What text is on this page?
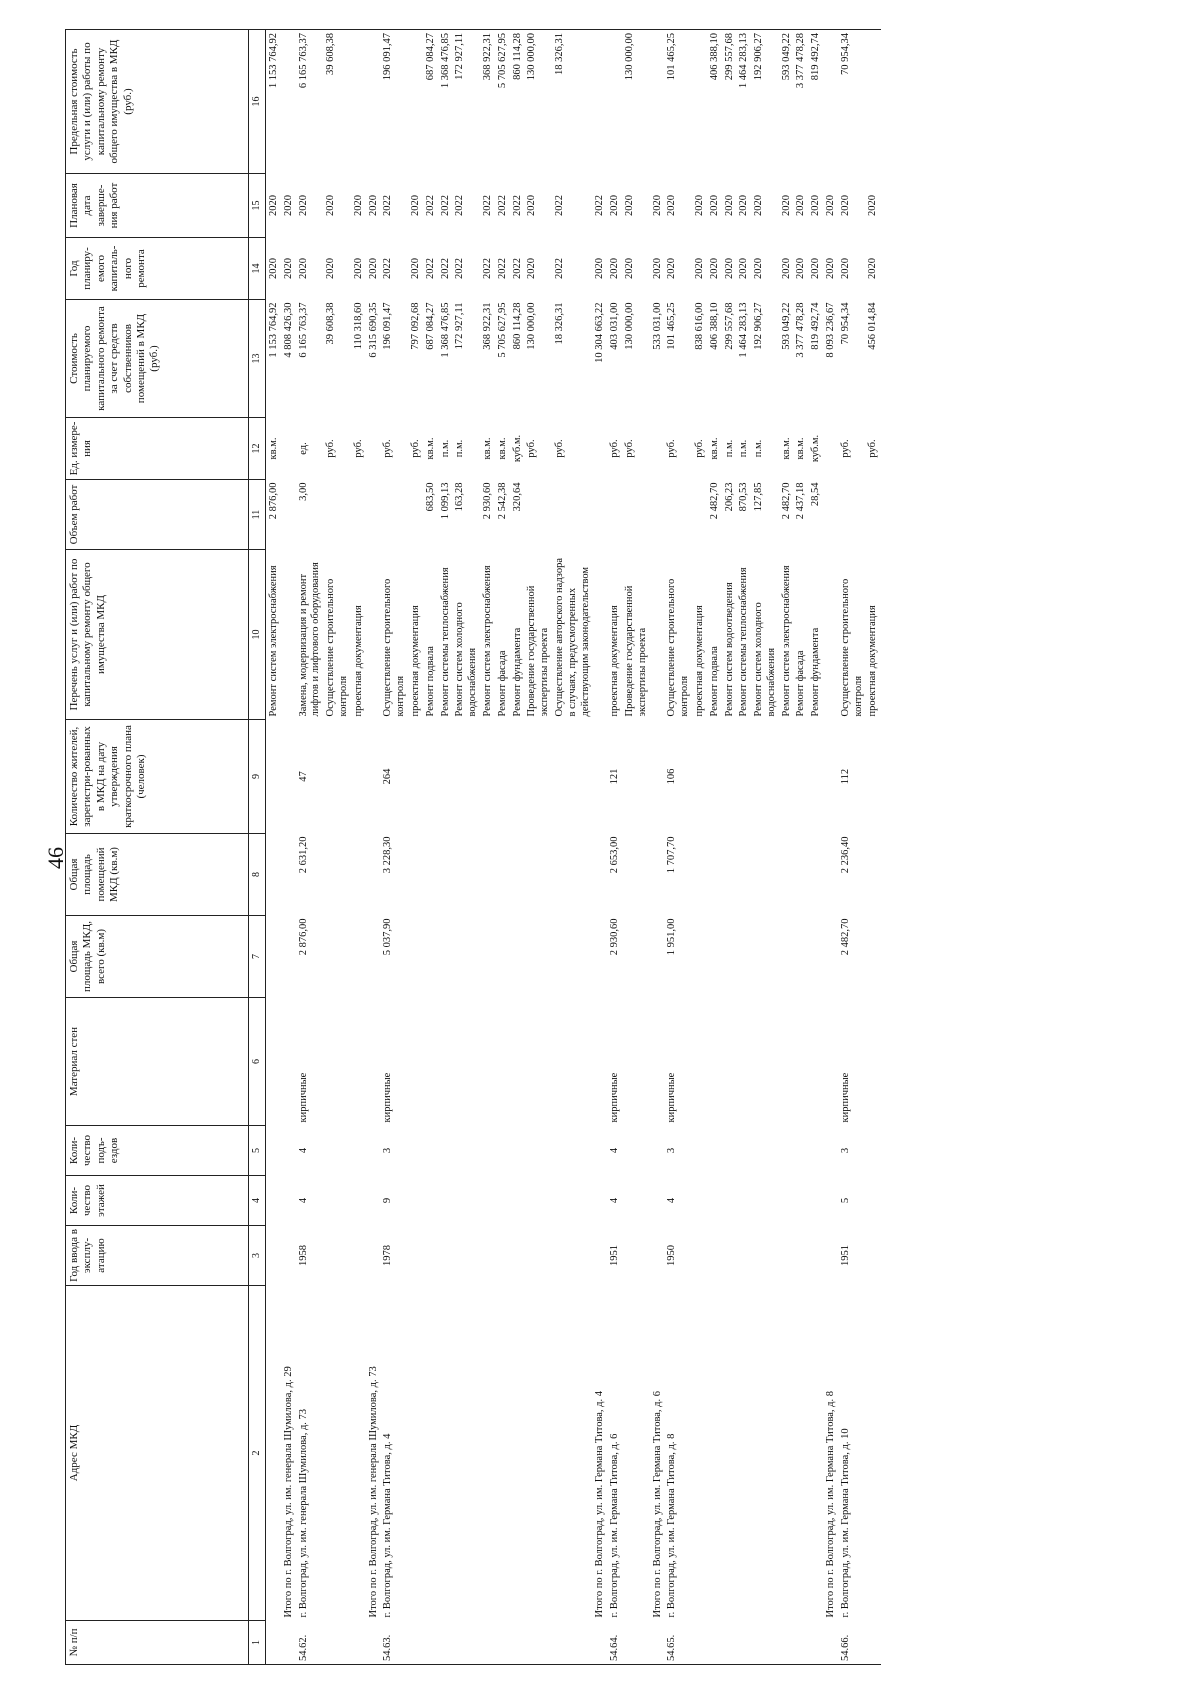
46
№ п/п	Адрес МКД	Год ввода в эксплу-атацию	Коли-чество этажей	Коли-чество подъ-ездов	Материал стен	Общая площадь МКД, всего (кв.м)	Общая площадь помещений МКД (кв.м)	Количество жителей, зарегистри-рованных в МКД на дату утверждения краткосрочного плана (человек)	Перечень услуг и (или) работ по капитальному ремонту общего имущества МКД	Объем работ	Ед. измере-ния	Стоимость планируемого капитального ремонта за счет средств собственников помещений в МКД (руб.)	Год планиру-емого капиталь-ного ремонта	Плановая дата заверше-ния работ	Предельная стоимость услуги и (или) работы по капитальному ремонту общего имущества в МКД (руб.)
1	2	3	4	5	6	7	8	9	10	11	12	13	14	15	16
									Ремонт систем электроснабжения	2 876,00	кв.м.	1 153 764,92	2020	2020	1 153 764,92
	Итого по г. Волгоград, ул. им. генерала Шумилова, д. 29											4 808 426,30	2020	2020	
54.62.	г. Волгоград, ул. им. генерала Шумилова, д. 73	1958	4	4	кирпичные	2 876,00	2 631,20	47	Замена, модернизация и ремонт лифтов и лифтового оборудования	3,00	ед.	6 165 763,37	2020	2020	6 165 763,37
									Осуществление строительного контроля		руб.	39 608,38	2020	2020	39 608,38
									проектная документация		руб.	110 318,60	2020	2020	
	Итого по г. Волгоград, ул. им. генерала Шумилова, д. 73											6 315 690,35	2020	2020	
54.63.	г. Волгоград, ул. им. Германа Титова, д. 4	1978	9	3	кирпичные	5 037,90	3 228,30	264	Осуществление строительного контроля		руб.	196 091,47	2022	2022	196 091,47
									проектная документация		руб.	797 092,68	2020	2020	
									Ремонт подвала	683,50	кв.м.	687 084,27	2022	2022	687 084,27
									Ремонт системы теплоснабжения	1 099,13	п.м.	1 368 476,85	2022	2022	1 368 476,85
									Ремонт систем холодного водоснабжения	163,28	п.м.	172 927,11	2022	2022	172 927,11
									Ремонт систем электроснабжения	2 930,60	кв.м.	368 922,31	2022	2022	368 922,31
									Ремонт фасада	2 542,38	кв.м.	5 705 627,95	2022	2022	5 705 627,95
									Ремонт фундамента	320,64	куб.м.	860 114,28	2022	2022	860 114,28
									Проведение государственной экспертизы проекта		руб.	130 000,00	2020	2020	130 000,00
									Осуществление авторского надзора в случаях, предусмотренных действующим законодательством		руб.	18 326,31	2022	2022	18 326,31
	Итого по г. Волгоград, ул. им. Германа Титова, д. 4											10 304 663,22	2020	2022	
54.64.	г. Волгоград, ул. им. Германа Титова, д. 6	1951	4	4	кирпичные	2 930,60	2 653,00	121	проектная документация		руб.	403 031,00	2020	2020	
									Проведение государственной экспертизы проекта		руб.	130 000,00	2020	2020	130 000,00
	Итого по г. Волгоград, ул. им. Германа Титова, д. 6											533 031,00	2020	2020	
54.65.	г. Волгоград, ул. им. Германа Титова, д. 8	1950	4	3	кирпичные	1 951,00	1 707,70	106	Осуществление строительного контроля		руб.	101 465,25	2020	2020	101 465,25
									проектная документация		руб.	838 616,00	2020	2020	
									Ремонт подвала	2 482,70	кв.м.	406 388,10	2020	2020	406 388,10
									Ремонт систем водоотведения	206,23	п.м.	299 557,68	2020	2020	299 557,68
									Ремонт системы теплоснабжения	870,53	п.м.	1 464 283,13	2020	2020	1 464 283,13
									Ремонт систем холодного водоснабжения	127,85	п.м.	192 906,27	2020	2020	192 906,27
									Ремонт систем электроснабжения	2 482,70	кв.м.	593 049,22	2020	2020	593 049,22
									Ремонт фасада	2 437,18	кв.м.	3 377 478,28	2020	2020	3 377 478,28
									Ремонт фундамента	28,54	куб.м.	819 492,74	2020	2020	819 492,74
	Итого по г. Волгоград, ул. им. Германа Титова, д. 8											8 093 236,67	2020	2020	
54.66.	г. Волгоград, ул. им. Германа Титова, д. 10	1951	5	3	кирпичные	2 482,70	2 236,40	112	Осуществление строительного контроля		руб.	70 954,34	2020	2020	70 954,34
									проектная документация		руб.	456 014,84	2020	2020	
